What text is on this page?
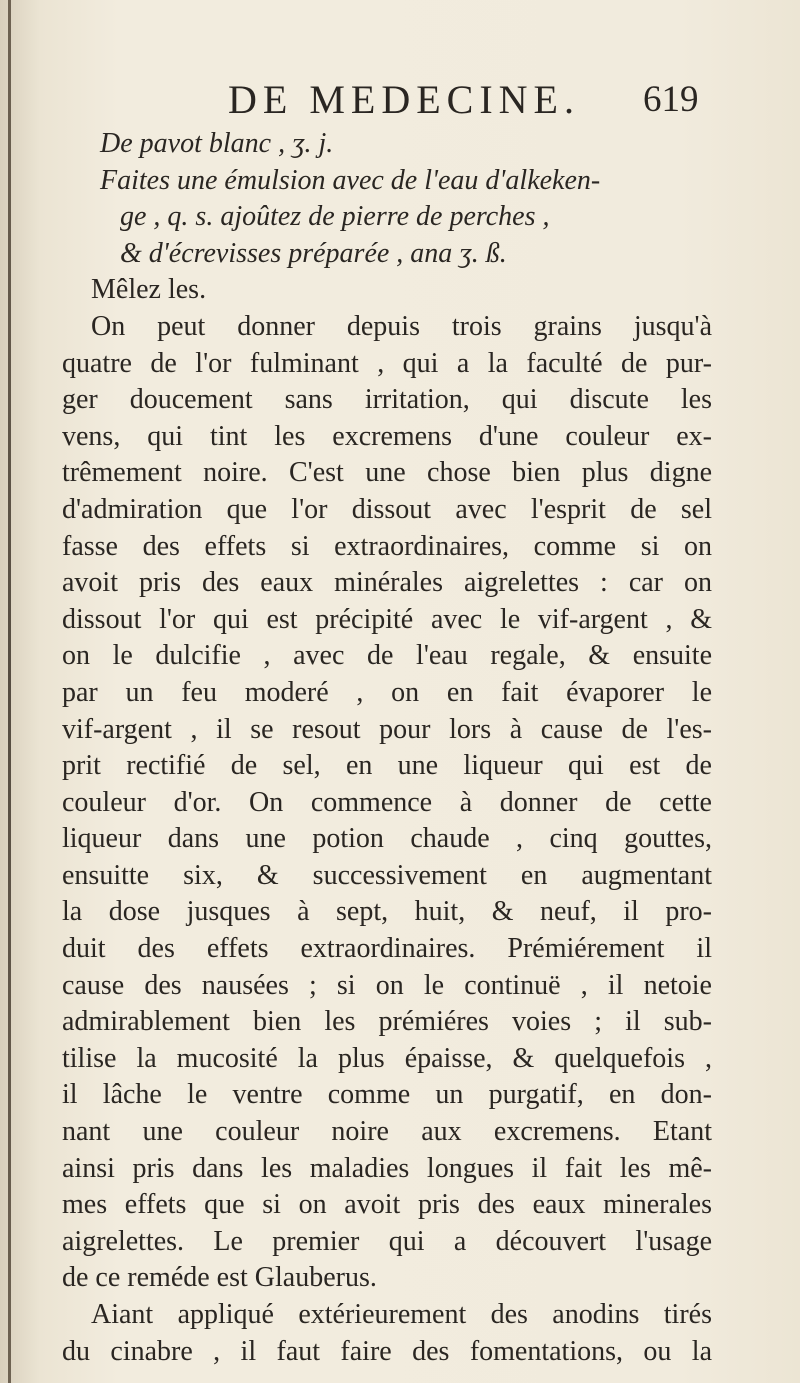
DE MEDECINE. 619
De pavot blanc , ʒ. j.
Faites une émulsion avec de l'eau d'alkeken-
ge , q. s. ajoûtez de pierre de perches ,
& d'écrevisses préparée , ana ʒ. ß.
Mêlez les.
On peut donner depuis trois grains jusqu'à
quatre de l'or fulminant , qui a la faculté de pur-
ger doucement sans irritation, qui discute les
vens, qui tint les excremens d'une couleur ex-
trêmement noire. C'est une chose bien plus digne
d'admiration que l'or dissout avec l'esprit de sel
fasse des effets si extraordinaires, comme si on
avoit pris des eaux minérales aigrelettes : car on
dissout l'or qui est précipité avec le vif-argent , &
on le dulcifie , avec de l'eau regale, & ensuite
par un feu moderé , on en fait évaporer le
vif-argent , il se resout pour lors à cause de l'es-
prit rectifié de sel, en une liqueur qui est de
couleur d'or. On commence à donner de cette
liqueur dans une potion chaude , cinq gouttes,
ensuitte six, & successivement en augmentant
la dose jusques à sept, huit, & neuf, il pro-
duit des effets extraordinaires. Prémiérement il
cause des nausées ; si on le continuë , il netoie
admirablement bien les prémiéres voies ; il sub-
tilise la mucosité la plus épaisse, & quelquefois ,
il lâche le ventre comme un purgatif, en don-
nant une couleur noire aux excremens. Etant
ainsi pris dans les maladies longues il fait les mê-
mes effets que si on avoit pris des eaux minerales
aigrelettes. Le premier qui a découvert l'usage
de ce reméde est Glauberus.
Aiant appliqué extérieurement des anodins tirés
du cinabre , il faut faire des fomentations, ou la
